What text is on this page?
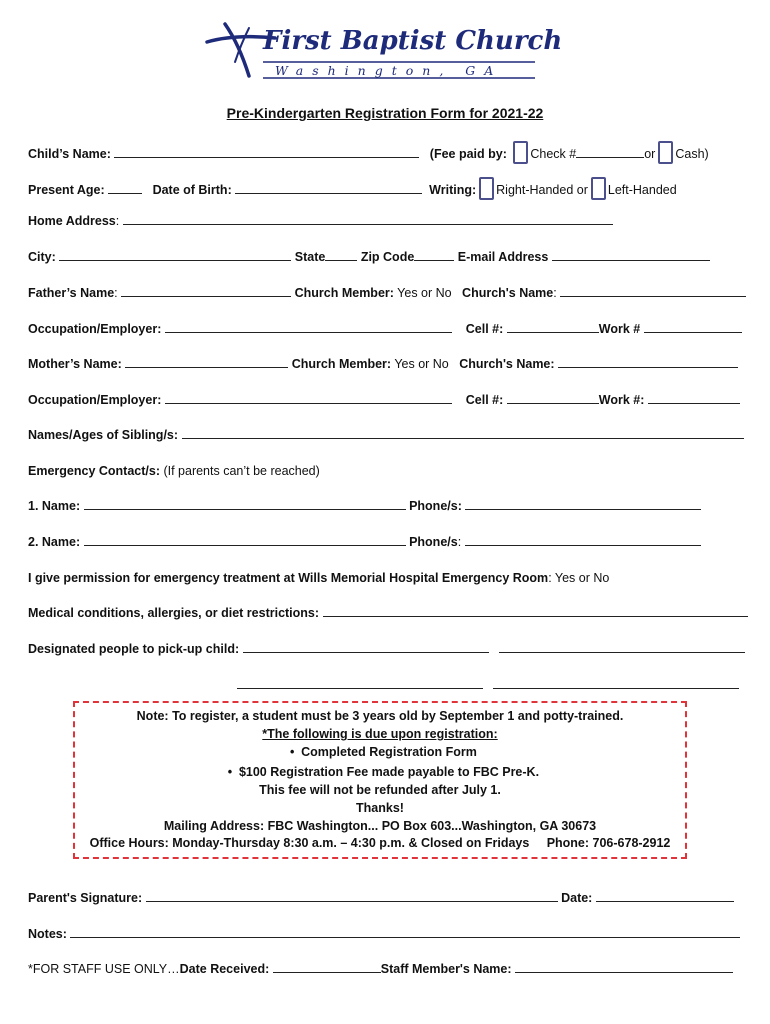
First Baptist Church
Washington, GA
Pre-Kindergarten Registration Form for 2021-22
Child’s Name:	(Fee paid by: Check #	or Cash)
Present Age:	Date of Birth:	Writing: Right-Handed or Left-Handed
Home Address:
City:	State	Zip Code	E-mail Address
Father’s Name:	Church Member: Yes or No Church's Name:
Occupation/Employer:	Cell #:	Work #
Mother’s Name:	Church Member: Yes or No Church's Name:
Occupation/Employer:	Cell #:	Work #:
Names/Ages of Sibling/s:
Emergency Contact/s: (If parents can’t be reached)
1. Name:	Phone/s:
2. Name:	Phone/s:
I give permission for emergency treatment at Wills Memorial Hospital Emergency Room: Yes or No
Medical conditions, allergies, or diet restrictions:
Designated people to pick-up child:

Note: To register, a student must be 3 years old by September 1 and potty-trained.
*The following is due upon registration:
• Completed Registration Form
• $100 Registration Fee made payable to FBC Pre-K.
This fee will not be refunded after July 1.
Thanks!
Mailing Address: FBC Washington... PO Box 603...Washington, GA 30673
Office Hours: Monday-Thursday 8:30 a.m. – 4:30 p.m. & Closed on Fridays Phone: 706-678-2912
Parent's Signature:	Date:
Notes:
*FOR STAFF USE ONLY…Date Received:	Staff Member's Name:
